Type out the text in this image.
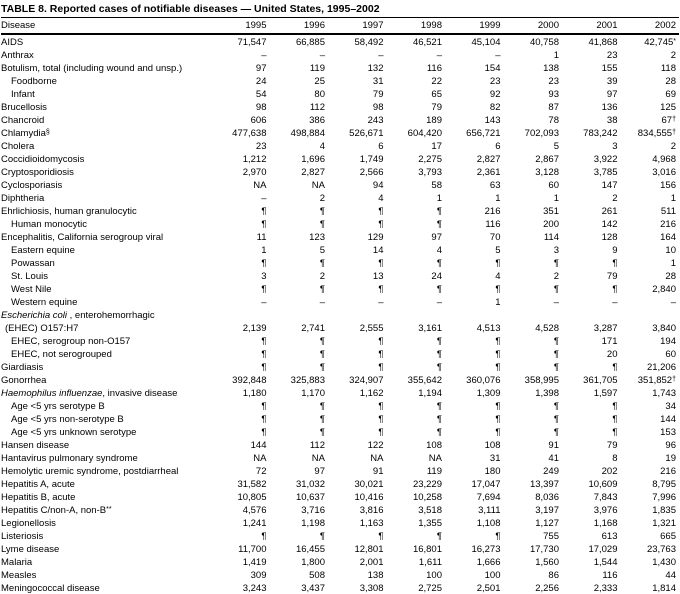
TABLE 8. Reported cases of notifiable diseases — United States, 1995–2002
Disease	1995	1996	1997	1998	1999	2000	2001	2002

AIDS	71,547	66,885	58,492	46,521	45,104	40,758	41,868	42,745*

Anthrax	–	–	–	–	–	1	23	2

Botulism, total (including wound and unsp.)	97	119	132	116	154	138	155	118

Foodborne	24	25	31	22	23	23	39	28

Infant	54	80	79	65	92	93	97	69

Brucellosis	98	112	98	79	82	87	136	125

Chancroid	606	386	243	189	143	78	38	67†

Chlamydia§	477,638	498,884	526,671	604,420	656,721	702,093	783,242	834,555†

Cholera	23	4	6	17	6	5	3	2

Coccidioidomycosis	1,212	1,696	1,749	2,275	2,827	2,867	3,922	4,968

Cryptosporidiosis	2,970	2,827	2,566	3,793	2,361	3,128	3,785	3,016

Cyclosporiasis	NA	NA	94	58	63	60	147	156

Diphtheria	–	2	4	1	1	1	2	1

Ehrlichiosis, human granulocytic	¶	¶	¶	¶	216	351	261	511

Human monocytic	¶	¶	¶	¶	116	200	142	216

Encephalitis, California serogroup viral	11	123	129	97	70	114	128	164

Eastern equine	1	5	14	4	5	3	9	10

Powassan	¶	¶	¶	¶	¶	¶	¶	1

St. Louis	3	2	13	24	4	2	79	28

West Nile	¶	¶	¶	¶	¶	¶	¶	2,840

Western equine	–	–	–	–	1	–	–	–

Escherichia coli , enterohemorrhagic
(EHEC) O157:H7	2,139	2,741	2,555	3,161	4,513	4,528	3,287	3,840

EHEC, serogroup non-O157	¶	¶	¶	¶	¶	¶	171	194

EHEC, not serogrouped	¶	¶	¶	¶	¶	¶	20	60

Giardiasis	¶	¶	¶	¶	¶	¶	¶	21,206

Gonorrhea	392,848	325,883	324,907	355,642	360,076	358,995	361,705	351,852†

Haemophilus influenzae, invasive disease	1,180	1,170	1,162	1,194	1,309	1,398	1,597	1,743

Age <5 yrs serotype B	¶	¶	¶	¶	¶	¶	¶	34

Age <5 yrs non-serotype B	¶	¶	¶	¶	¶	¶	¶	144

Age <5 yrs unknown serotype	¶	¶	¶	¶	¶	¶	¶	153

Hansen disease	144	112	122	108	108	91	79	96

Hantavirus pulmonary syndrome	NA	NA	NA	NA	31	41	8	19

Hemolytic uremic syndrome, postdiarrheal	72	97	91	119	180	249	202	216

Hepatitis A, acute	31,582	31,032	30,021	23,229	17,047	13,397	10,609	8,795

Hepatitis B, acute	10,805	10,637	10,416	10,258	7,694	8,036	7,843	7,996

Hepatitis C/non-A, non-B**	4,576	3,716	3,816	3,518	3,111	3,197	3,976	1,835

Legionellosis	1,241	1,198	1,163	1,355	1,108	1,127	1,168	1,321

Listeriosis	¶	¶	¶	¶	¶	755	613	665

Lyme disease	11,700	16,455	12,801	16,801	16,273	17,730	17,029	23,763

Malaria	1,419	1,800	2,001	1,611	1,666	1,560	1,544	1,430

Measles	309	508	138	100	100	86	116	44

Meningococcal disease	3,243	3,437	3,308	2,725	2,501	2,256	2,333	1,814
